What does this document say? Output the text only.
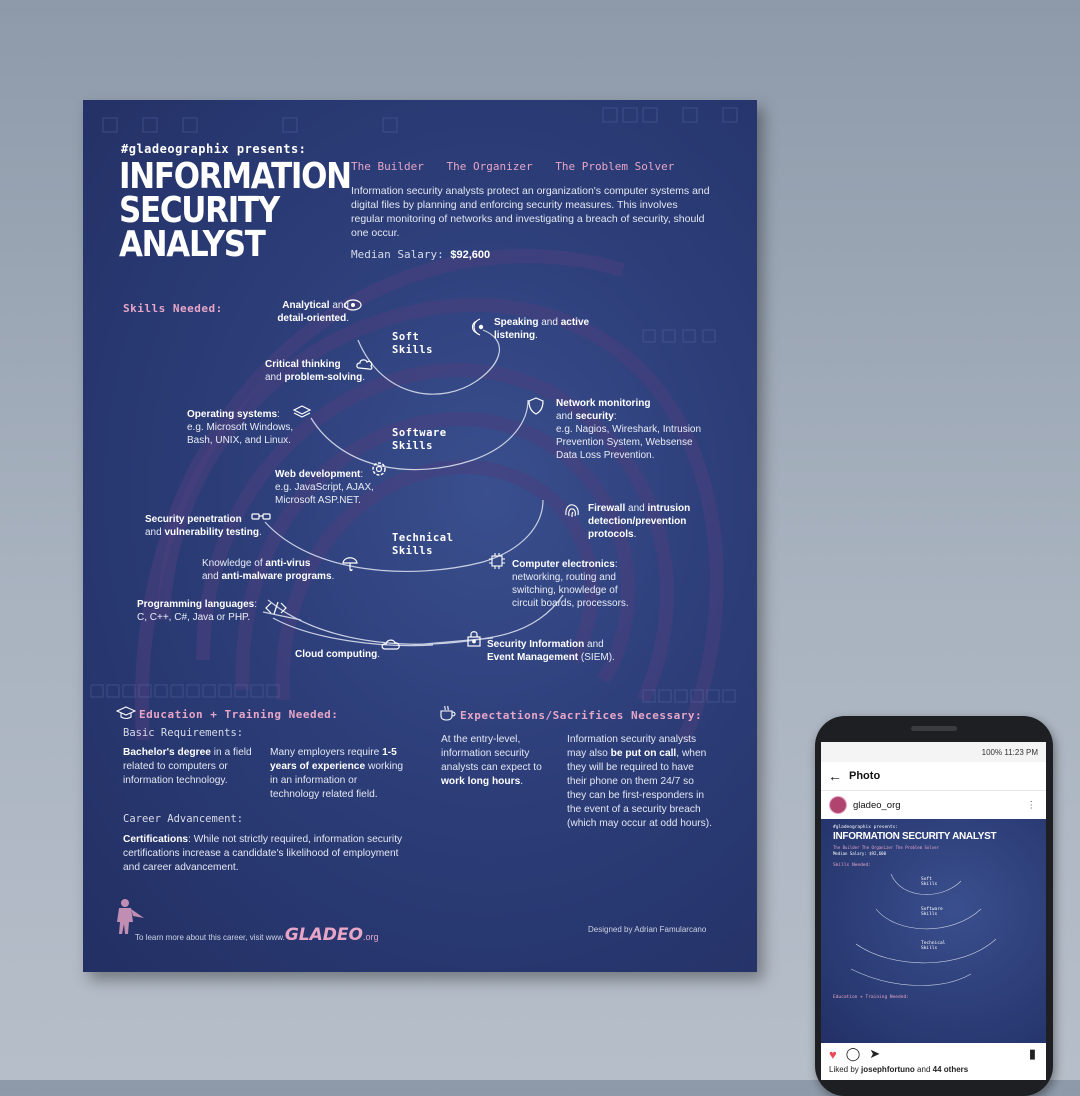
#gladeographix presents:
INFORMATION
SECURITY
ANALYST
The Builder The Organizer The Problem Solver
Information security analysts protect an organization's computer systems and digital files by planning and enforcing security measures. This involves regular monitoring of networks and investigating a breach of security, should one occur.
Median Salary: $92,600
Skills Needed:
Soft
Skills
Software
Skills
Technical
Skills
Analytical and detail-oriented.	Speaking and active listening.
Critical thinking
and problem-solving.
Operating systems:
e.g. Microsoft Windows, Bash, UNIX, and Linux.
Network monitoring
and security:
e.g. Nagios, Wireshark, Intrusion Prevention System, Websense Data Loss Prevention.
Web development:
e.g. JavaScript, AJAX, Microsoft ASP.NET.
Security penetration
and vulnerability testing.
Firewall and intrusion detection/prevention protocols.
Knowledge of anti-virus
and anti-malware programs.
Computer electronics:
networking, routing and switching, knowledge of circuit boards, processors.
Programming languages:
C, C++, C#, Java or PHP.
Cloud computing.
Security Information and
Event Management (SIEM).
Education + Training Needed:
Basic Requirements:
Bachelor's degree in a field related to computers or information technology.
Many employers require 1-5 years of experience working in an information or technology related field.
Career Advancement:
Certifications: While not strictly required, information security certifications increase a candidate's likelihood of employment and career advancement.
Expectations/Sacrifices Necessary:
At the entry-level, information security analysts can expect to work long hours.
Information security analysts may also be put on call, when they will be required to have their phone on them 24/7 so they can be first-responders in the event of a security breach (which may occur at odd hours).
To learn more about this career, visit www.GLADEO.org
Designed by Adrian Famularcano
100% 11:23 PM
← Photo
gladeo_org	⋮
#gladeographix presents:
INFORMATION SECURITY ANALYST
The Builder The Organizer The Problem Solver
Median Salary: $92,600
Skills Needed:
Soft Skills
Software Skills
Technical Skills
Education + Training Needed:
♥ ◯ ➤	▮
Liked by josephfortuno and 44 others
